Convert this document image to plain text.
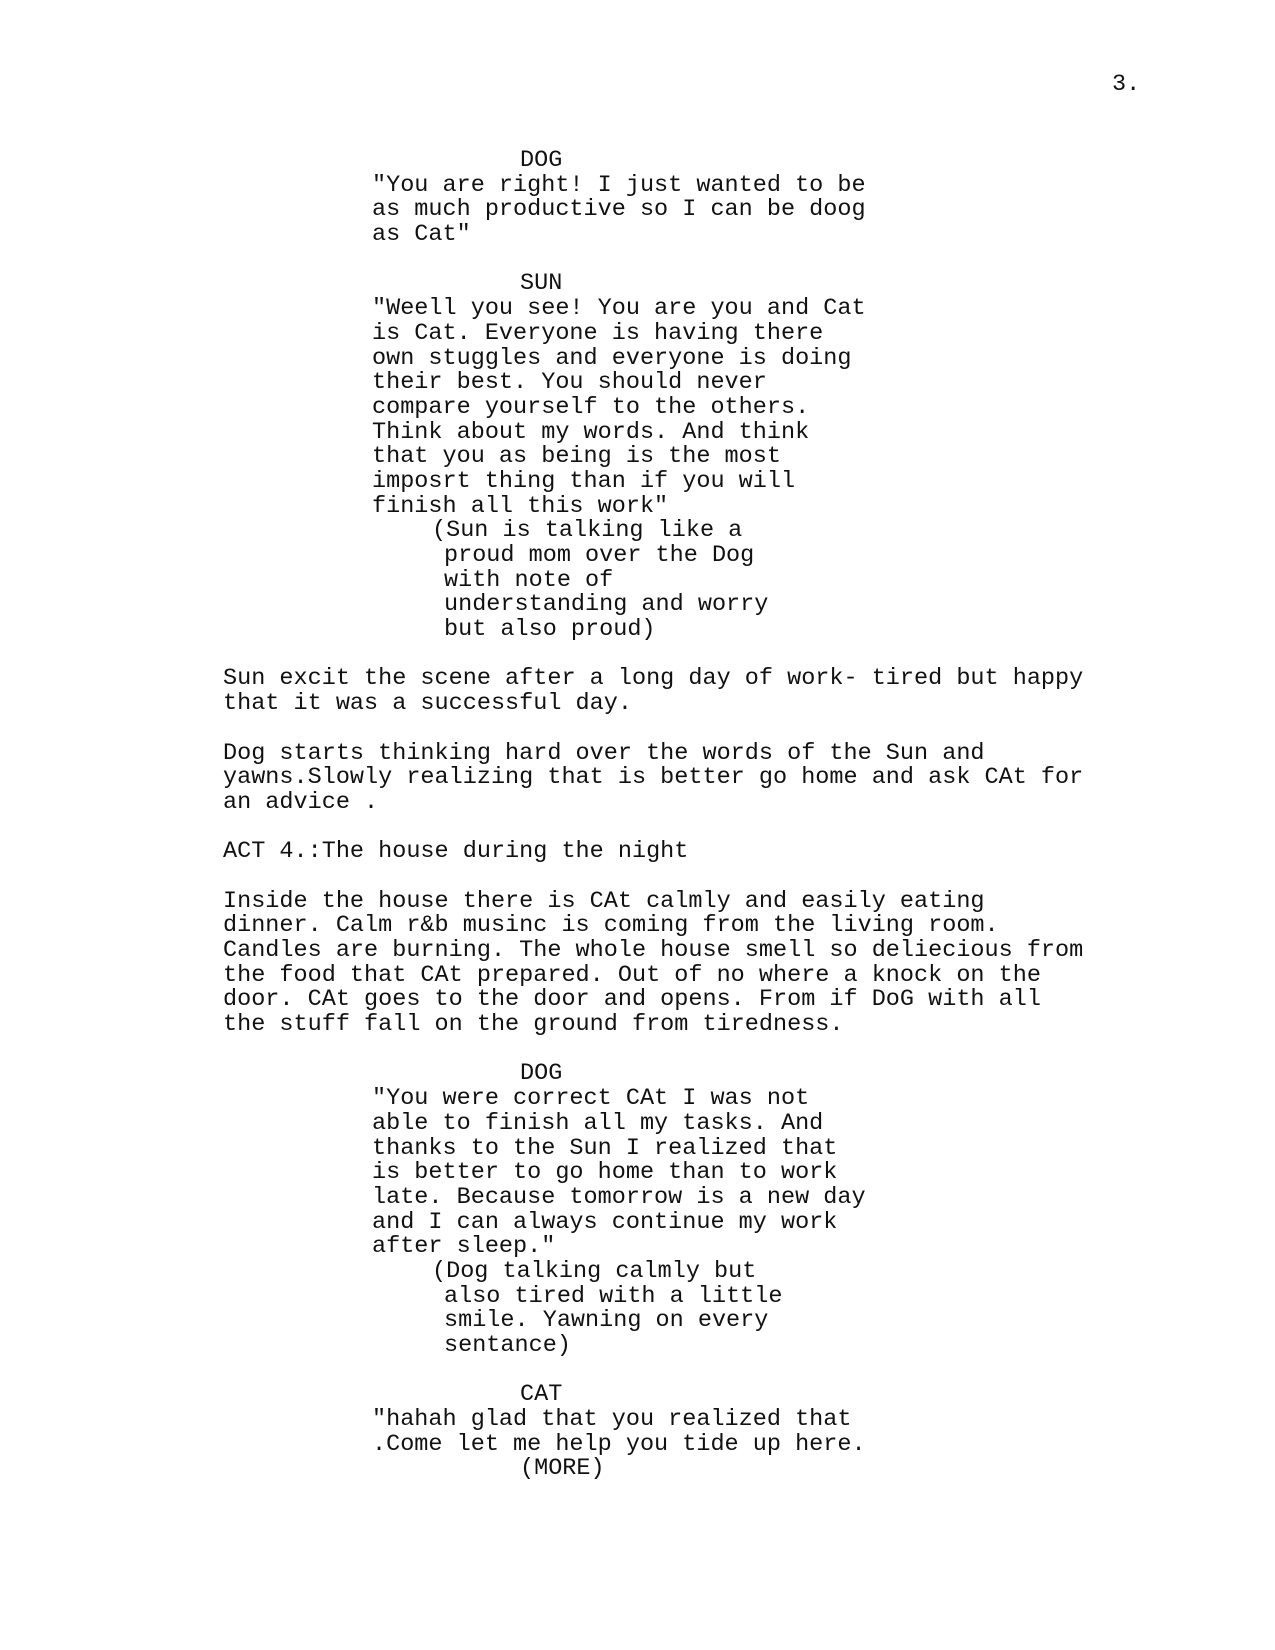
3.
DOG
"You are right! I just wanted to be
as much productive so I can be doog
as Cat"
SUN
"Weell you see! You are you and Cat
is Cat. Everyone is having there
own stuggles and everyone is doing
their best. You should never
compare yourself to the others.
Think about my words. And think
that you as being is the most
imposrt thing than if you will
finish all this work"
(Sun is talking like a
proud mom over the Dog
with note of
understanding and worry
but also proud)
Sun excit the scene after a long day of work- tired but happy
that it was a successful day.
Dog starts thinking hard over the words of the Sun and
yawns.Slowly realizing that is better go home and ask CAt for
an advice .
ACT 4.:The house during the night
Inside the house there is CAt calmly and easily eating
dinner. Calm r&b musinc is coming from the living room.
Candles are burning. The whole house smell so deliecious from
the food that CAt prepared. Out of no where a knock on the
door. CAt goes to the door and opens. From if DoG with all
the stuff fall on the ground from tiredness.
DOG
"You were correct CAt I was not
able to finish all my tasks. And
thanks to the Sun I realized that
is better to go home than to work
late. Because tomorrow is a new day
and I can always continue my work
after sleep."
(Dog talking calmly but
also tired with a little
smile. Yawning on every
sentance)
CAT
"hahah glad that you realized that
.Come let me help you tide up here.
(MORE)
